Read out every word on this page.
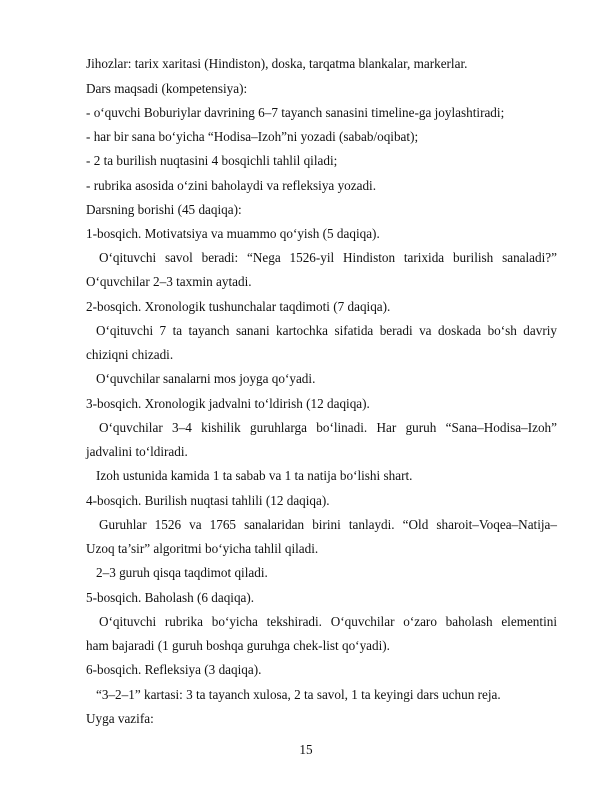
Jihozlar: tarix xaritasi (Hindiston), doska, tarqatma blankalar, markerlar.
Dars maqsadi (kompetensiya):
- o‘quvchi Boburiylar davrining 6–7 tayanch sanasini timeline-ga joylashtiradi;
- har bir sana bo‘yicha “Hodisa–Izoh”ni yozadi (sabab/oqibat);
- 2 ta burilish nuqtasini 4 bosqichli tahlil qiladi;
- rubrika asosida o‘zini baholaydi va refleksiya yozadi.
Darsning borishi (45 daqiqa):
1-bosqich. Motivatsiya va muammo qo‘yish (5 daqiqa).
O‘qituvchi savol beradi: “Nega 1526-yil Hindiston tarixida burilish sanaladi?”
O‘quvchilar 2–3 taxmin aytadi.
2-bosqich. Xronologik tushunchalar taqdimoti (7 daqiqa).
O‘qituvchi 7 ta tayanch sanani kartochka sifatida beradi va doskada bo‘sh davriy
chiziqni chizadi.
O‘quvchilar sanalarni mos joyga qo‘yadi.
3-bosqich. Xronologik jadvalni to‘ldirish (12 daqiqa).
O‘quvchilar 3–4 kishilik guruhlarga bo‘linadi. Har guruh “Sana–Hodisa–Izoh”
jadvalini to‘ldiradi.
Izoh ustunida kamida 1 ta sabab va 1 ta natija bo‘lishi shart.
4-bosqich. Burilish nuqtasi tahlili (12 daqiqa).
Guruhlar 1526 va 1765 sanalaridan birini tanlaydi. “Old sharoit–Voqea–Natija–
Uzoq ta’sir” algoritmi bo‘yicha tahlil qiladi.
2–3 guruh qisqa taqdimot qiladi.
5-bosqich. Baholash (6 daqiqa).
O‘qituvchi rubrika bo‘yicha tekshiradi. O‘quvchilar o‘zaro baholash elementini
ham bajaradi (1 guruh boshqa guruhga chek-list qo‘yadi).
6-bosqich. Refleksiya (3 daqiqa).
“3–2–1” kartasi: 3 ta tayanch xulosa, 2 ta savol, 1 ta keyingi dars uchun reja.
Uyga vazifa:
15
